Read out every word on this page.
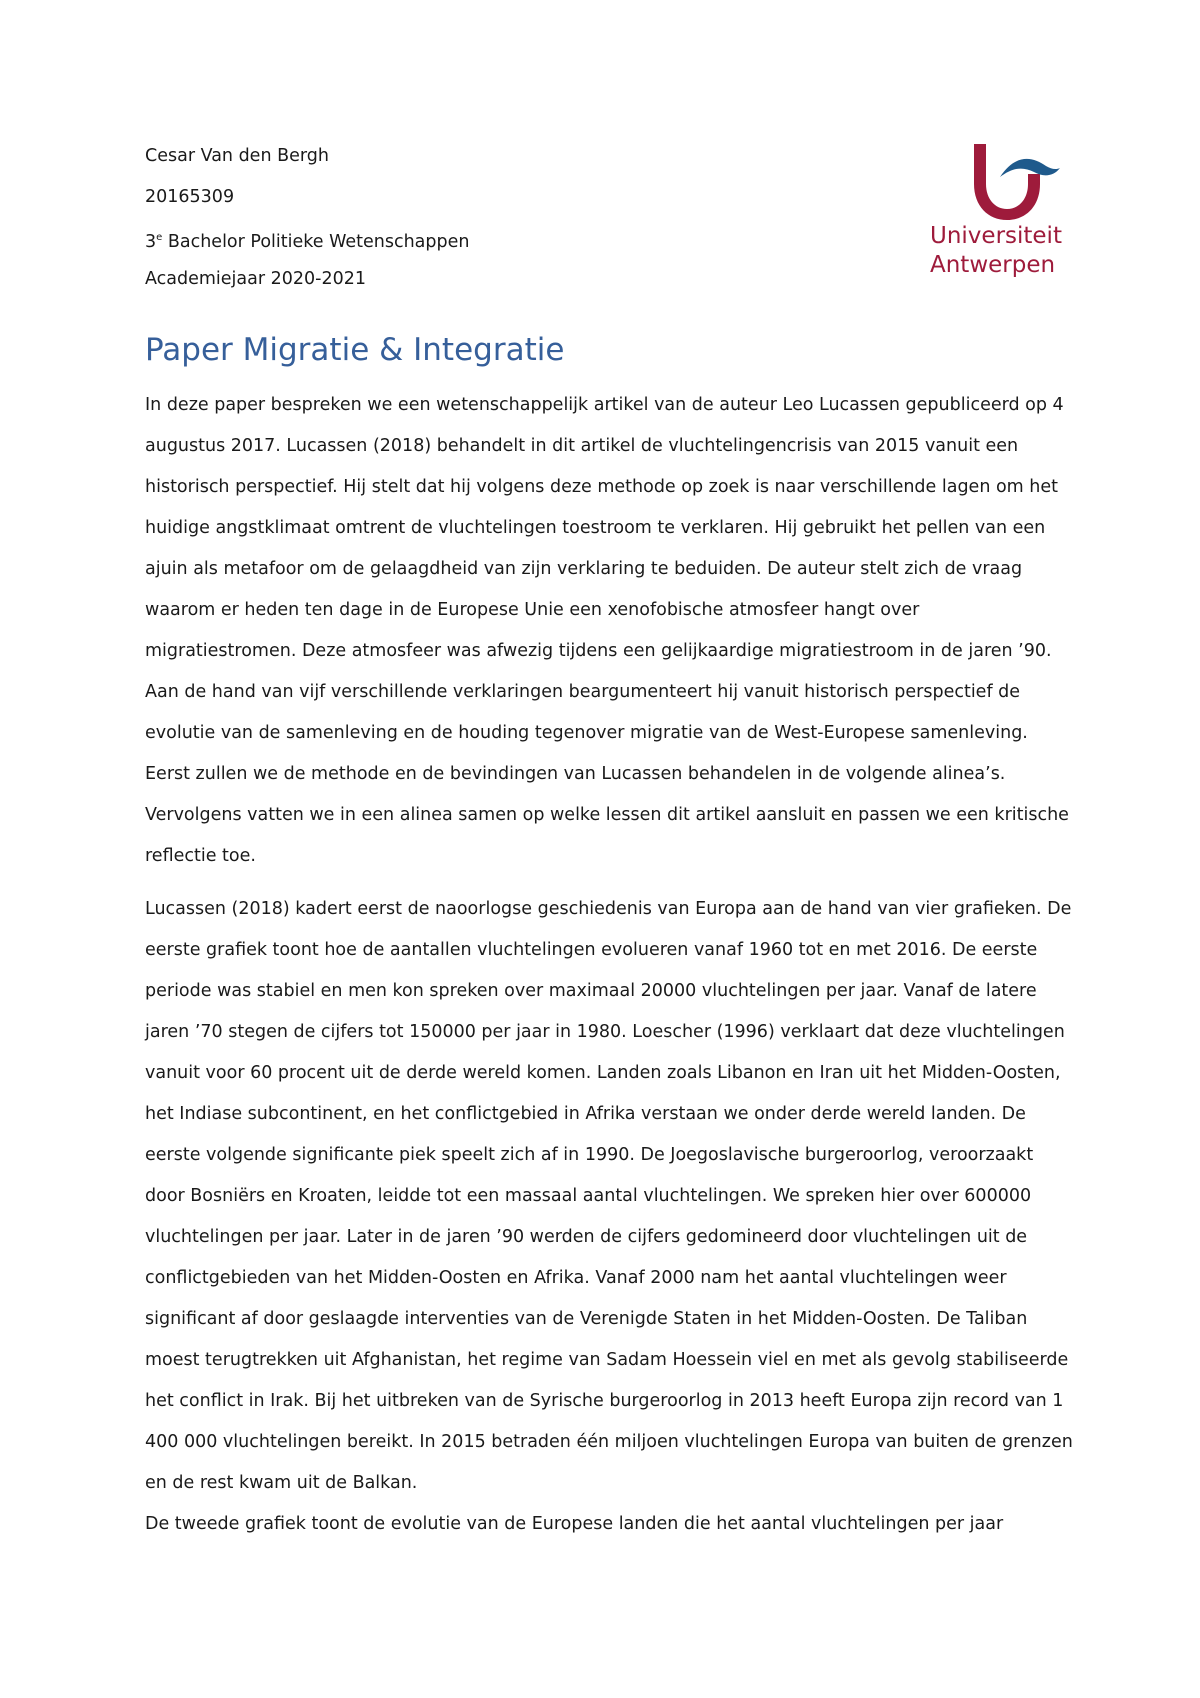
Cesar Van den Bergh
20165309
3e Bachelor Politieke Wetenschappen
Academiejaar 2020-2021
Universiteit
Antwerpen
Paper Migratie & Integratie

In deze paper bespreken we een wetenschappelijk artikel van de auteur Leo Lucassen gepubliceerd op 4 augustus 2017. Lucassen (2018) behandelt in dit artikel de vluchtelingencrisis van 2015 vanuit een historisch perspectief. Hij stelt dat hij volgens deze methode op zoek is naar verschillende lagen om het huidige angstklimaat omtrent de vluchtelingen toestroom te verklaren. Hij gebruikt het pellen van een ajuin als metafoor om de gelaagdheid van zijn verklaring te beduiden. De auteur stelt zich de vraag waarom er heden ten dage in de Europese Unie een xenofobische atmosfeer hangt over migratiestromen. Deze atmosfeer was afwezig tijdens een gelijkaardige migratiestroom in de jaren ’90. Aan de hand van vijf verschillende verklaringen beargumenteert hij vanuit historisch perspectief de evolutie van de samenleving en de houding tegenover migratie van de West-Europese samenleving. Eerst zullen we de methode en de bevindingen van Lucassen behandelen in de volgende alinea’s. Vervolgens vatten we in een alinea samen op welke lessen dit artikel aansluit en passen we een kritische reflectie toe.

Lucassen (2018) kadert eerst de naoorlogse geschiedenis van Europa aan de hand van vier grafieken. De eerste grafiek toont hoe de aantallen vluchtelingen evolueren vanaf 1960 tot en met 2016. De eerste periode was stabiel en men kon spreken over maximaal 20000 vluchtelingen per jaar. Vanaf de latere jaren ’70 stegen de cijfers tot 150000 per jaar in 1980. Loescher (1996) verklaart dat deze vluchtelingen vanuit voor 60 procent uit de derde wereld komen. Landen zoals Libanon en Iran uit het Midden-Oosten, het Indiase subcontinent, en het conflictgebied in Afrika verstaan we onder derde wereld landen. De eerste volgende significante piek speelt zich af in 1990. De Joegoslavische burgeroorlog, veroorzaakt door Bosniërs en Kroaten, leidde tot een massaal aantal vluchtelingen. We spreken hier over 600000 vluchtelingen per jaar. Later in de jaren ’90 werden de cijfers gedomineerd door vluchtelingen uit de conflictgebieden van het Midden-Oosten en Afrika. Vanaf 2000 nam het aantal vluchtelingen weer significant af door geslaagde interventies van de Verenigde Staten in het Midden-Oosten. De Taliban moest terugtrekken uit Afghanistan, het regime van Sadam Hoessein viel en met als gevolg stabiliseerde het conflict in Irak. Bij het uitbreken van de Syrische burgeroorlog in 2013 heeft Europa zijn record van 1 400 000 vluchtelingen bereikt. In 2015 betraden één miljoen vluchtelingen Europa van buiten de grenzen en de rest kwam uit de Balkan.

De tweede grafiek toont de evolutie van de Europese landen die het aantal vluchtelingen per jaar
